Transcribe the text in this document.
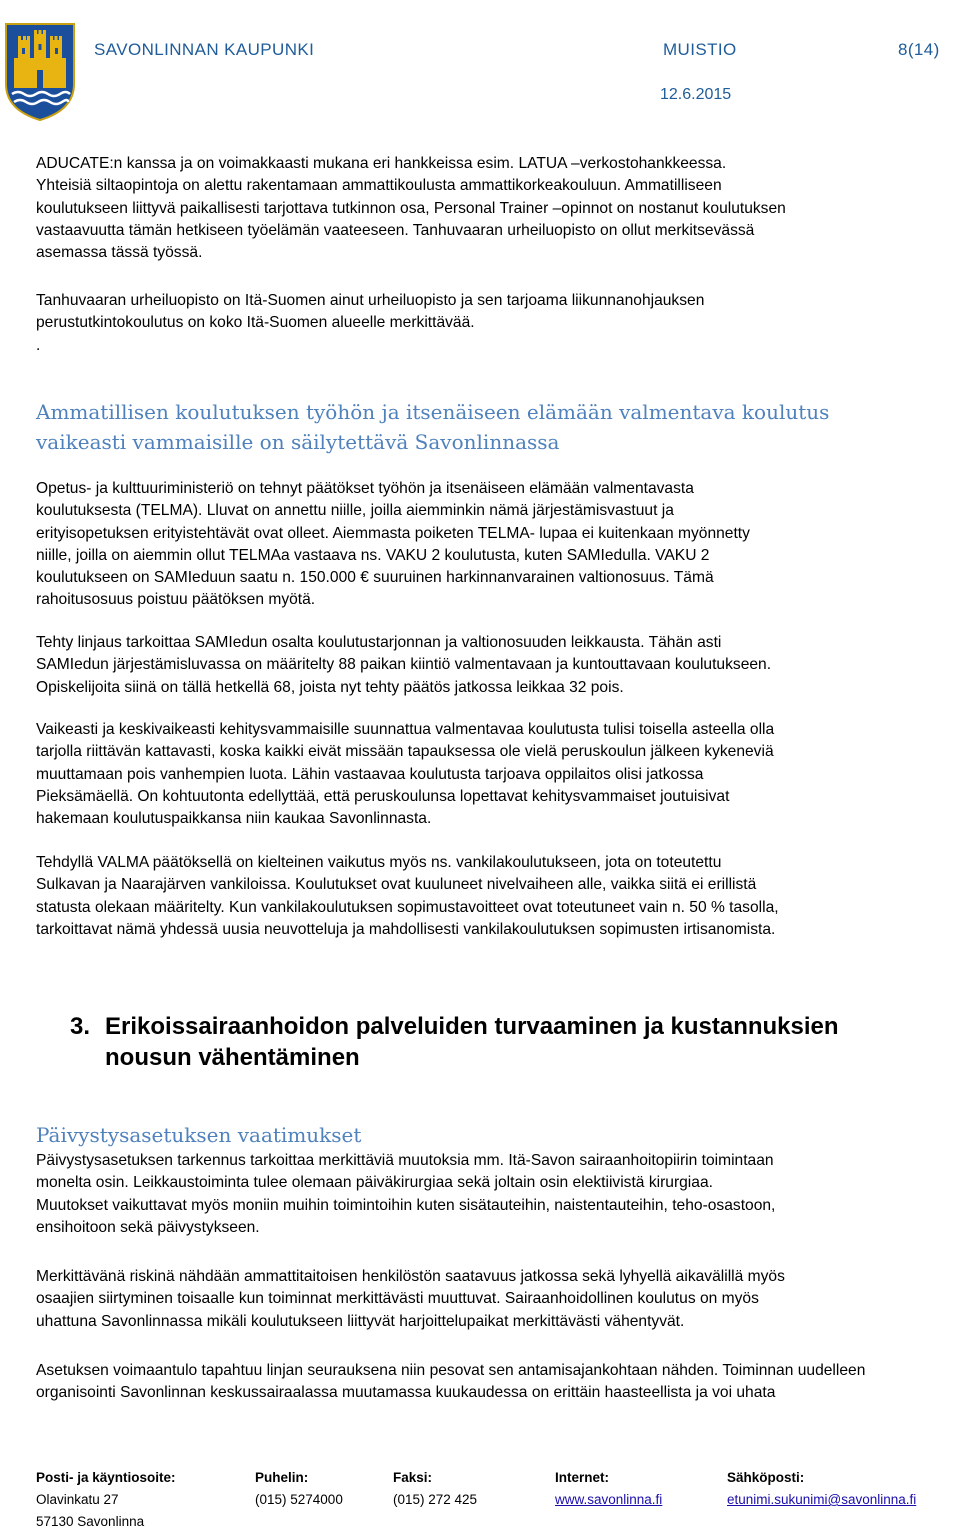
SAVONLINNAN KAUPUNKI	MUISTIO	8(14)
12.6.2015
ADUCATE:n kanssa ja on voimakkaasti mukana eri hankkeissa esim. LATUA –verkostohankkeessa.
Yhteisiä siltaopintoja on alettu rakentamaan ammattikoulusta ammattikorkeakouluun. Ammatilliseen
koulutukseen liittyvä paikallisesti tarjottava tutkinnon osa, Personal Trainer –opinnot on nostanut koulutuksen
vastaavuutta tämän hetkiseen työelämän vaateeseen. Tanhuvaaran urheiluopisto on ollut merkitsevässä
asemassa tässä työssä.
Tanhuvaaran urheiluopisto on Itä-Suomen ainut urheiluopisto ja sen tarjoama liikunnanohjauksen
perustutkintokoulutus on koko Itä-Suomen alueelle merkittävää.
.
Ammatillisen koulutuksen työhön ja itsenäiseen elämään valmentava koulutus
vaikeasti vammaisille on säilytettävä Savonlinnassa
Opetus- ja kulttuuriministeriö on tehnyt päätökset työhön ja itsenäiseen elämään valmentavasta
koulutuksesta (TELMA). Lluvat on annettu niille, joilla aiemminkin nämä järjestämisvastuut ja
erityisopetuksen erityistehtävät ovat olleet. Aiemmasta poiketen TELMA- lupaa ei kuitenkaan myönnetty
niille, joilla on aiemmin ollut TELMAa vastaava ns. VAKU 2 koulutusta, kuten SAMIedulla. VAKU 2
koulutukseen on SAMIeduun saatu n. 150.000 € suuruinen harkinnanvarainen valtionosuus. Tämä
rahoitusosuus poistuu päätöksen myötä.
Tehty linjaus tarkoittaa SAMIedun osalta koulutustarjonnan ja valtionosuuden leikkausta. Tähän asti
SAMIedun järjestämisluvassa on määritelty 88 paikan kiintiö valmentavaan ja kuntouttavaan koulutukseen.
Opiskelijoita siinä on tällä hetkellä 68, joista nyt tehty päätös jatkossa leikkaa 32 pois.
Vaikeasti ja keskivaikeasti kehitysvammaisille suunnattua valmentavaa koulutusta tulisi toisella asteella olla
tarjolla riittävän kattavasti, koska kaikki eivät missään tapauksessa ole vielä peruskoulun jälkeen kykeneviä
muuttamaan pois vanhempien luota. Lähin vastaavaa koulutusta tarjoava oppilaitos olisi jatkossa
Pieksämäellä. On kohtuutonta edellyttää, että peruskoulunsa lopettavat kehitysvammaiset joutuisivat
hakemaan koulutuspaikkansa niin kaukaa Savonlinnasta.
Tehdyllä VALMA päätöksellä on kielteinen vaikutus myös ns. vankilakoulutukseen, jota on toteutettu
Sulkavan ja Naarajärven vankiloissa. Koulutukset ovat kuuluneet nivelvaiheen alle, vaikka siitä ei erillistä
statusta olekaan määritelty. Kun vankilakoulutuksen sopimustavoitteet ovat toteutuneet vain n. 50 % tasolla,
tarkoittavat nämä yhdessä uusia neuvotteluja ja mahdollisesti vankilakoulutuksen sopimusten irtisanomista.
3. Erikoissairaanhoidon palveluiden turvaaminen ja kustannuksien
nousun vähentäminen
Päivystysasetuksen vaatimukset
Päivystysasetuksen tarkennus tarkoittaa merkittäviä muutoksia mm. Itä-Savon sairaanhoitopiirin toimintaan
monelta osin. Leikkaustoiminta tulee olemaan päiväkirurgiaa sekä joltain osin elektiivistä kirurgiaa.
Muutokset vaikuttavat myös moniin muihin toimintoihin kuten sisätauteihin, naistentauteihin, teho-osastoon,
ensihoitoon sekä päivystykseen.
Merkittävänä riskinä nähdään ammattitaitoisen henkilöstön saatavuus jatkossa sekä lyhyellä aikavälillä myös
osaajien siirtyminen toisaalle kun toiminnat merkittävästi muuttuvat. Sairaanhoidollinen koulutus on myös
uhattuna Savonlinnassa mikäli koulutukseen liittyvät harjoittelupaikat merkittävästi vähentyvät.
Asetuksen voimaantulo tapahtuu linjan seurauksena niin pesovat sen antamisajankohtaan nähden. Toiminnan uudelleen
organisointi Savonlinnan keskussairaalassa muutamassa kuukaudessa on erittäin haasteellista ja voi uhata
Posti- ja käyntiosoite:
Olavinkatu 27
57130 Savonlinna
Puhelin:
(015) 5274000
Faksi:
(015) 272 425
Internet:
www.savonlinna.fi
Sähköposti:
etunimi.sukunimi@savonlinna.fi
